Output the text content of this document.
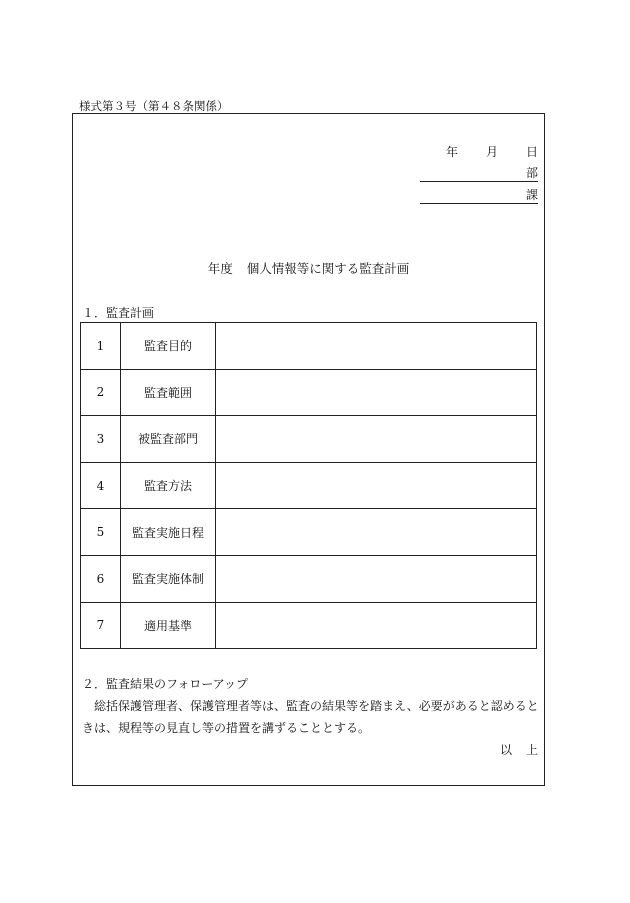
様式第３号（第４８条関係）
年 月 日
部
課
年度 個人情報等に関する監査計画
１．監査計画
1	監査目的	
2	監査範囲	
3	被監査部門	
4	監査方法	
5	監査実施日程	
6	監査実施体制	
7	適用基準	
２．監査結果のフォローアップ

総括保護管理者、保護管理者等は、監査の結果等を踏まえ、必要があると認めるときは、規程等の見直し等の措置を講ずることとする。

以 上
